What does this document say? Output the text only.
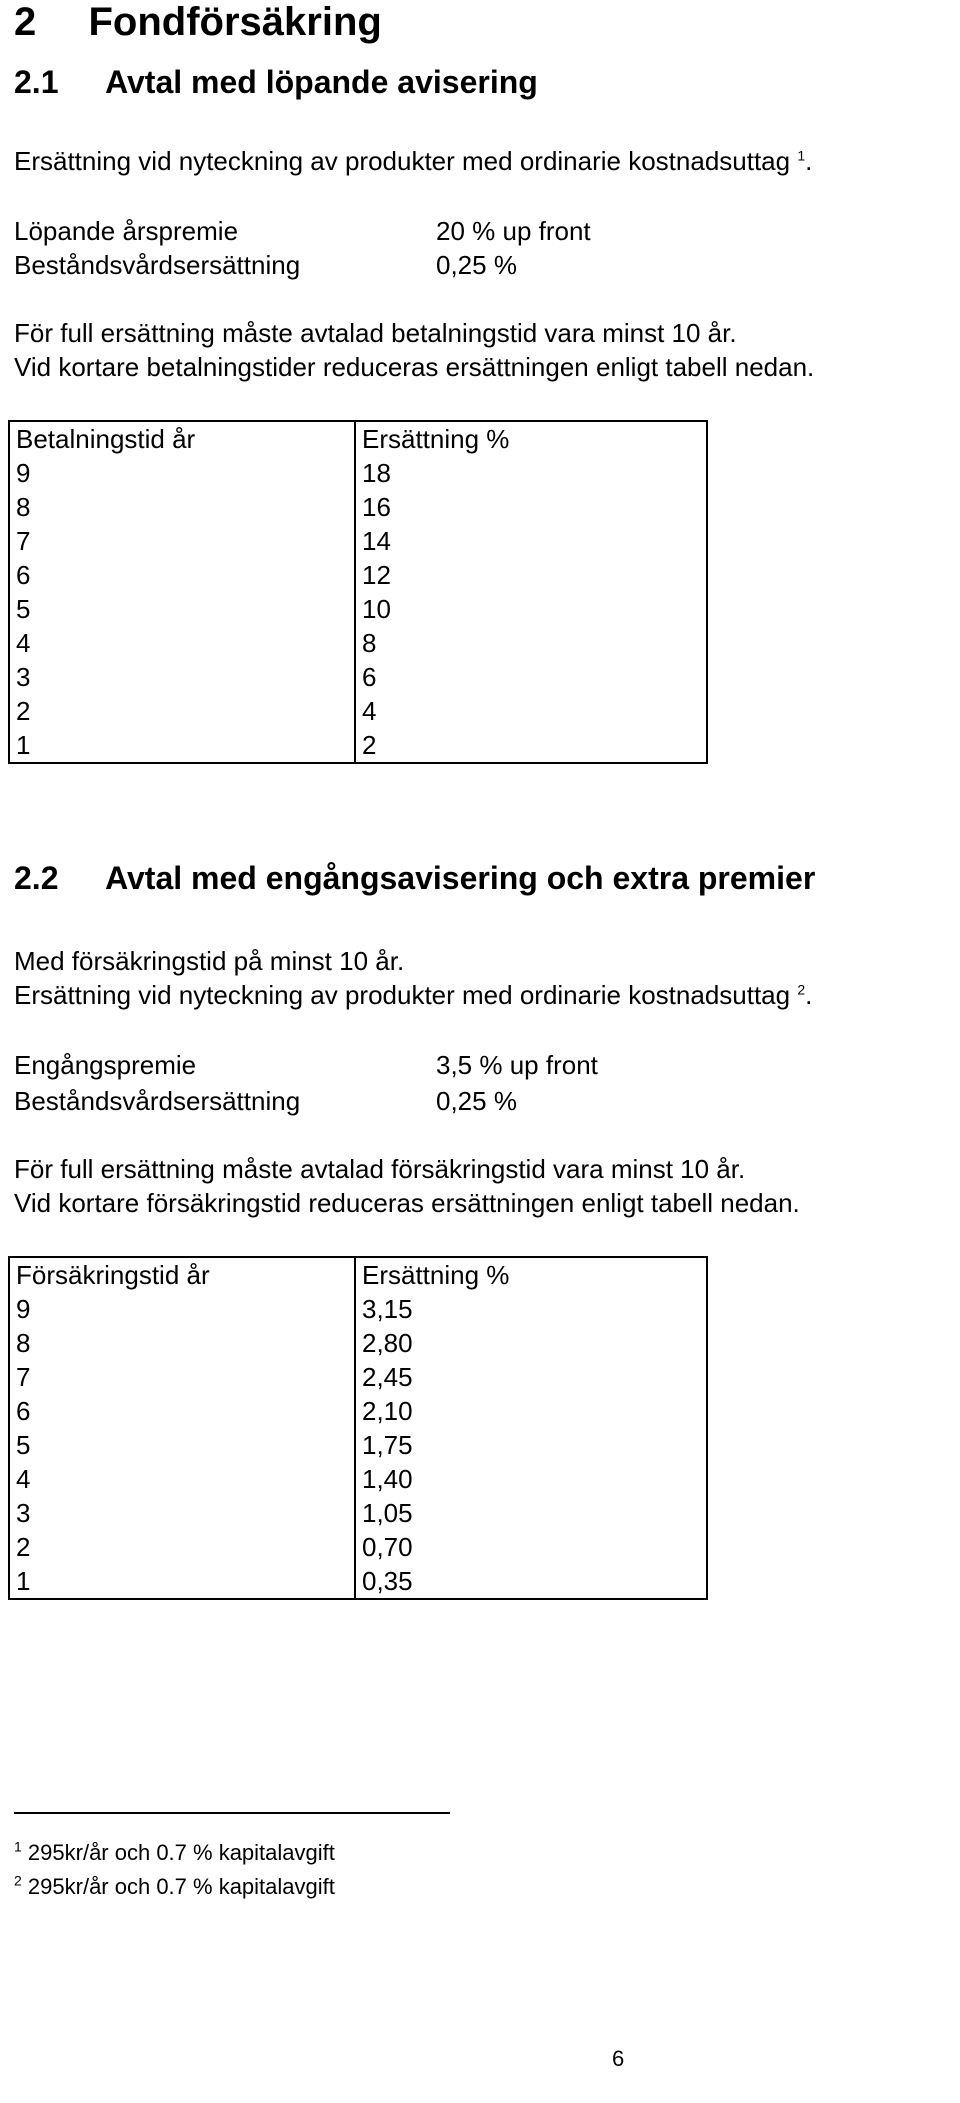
2 Fondförsäkring
2.1 Avtal med löpande avisering
Ersättning vid nyteckning av produkter med ordinarie kostnadsuttag $^1$.
Löpande årspremie	20 % up front
Beståndsvårdsersättning	0,25 %
För full ersättning måste avtalad betalningstid vara minst 10 år.
Vid kortare betalningstider reduceras ersättningen enligt tabell nedan.
Betalningstid år	Ersättning %
9	18
8	16
7	14
6	12
5	10
4	8
3	6
2	4
1	2
2.2 Avtal med engångsavisering och extra premier
Med försäkringstid på minst 10 år.
Ersättning vid nyteckning av produkter med ordinarie kostnadsuttag $^2$.
Engångspremie	3,5 % up front
Beståndsvårdsersättning	0,25 %
För full ersättning måste avtalad försäkringstid vara minst 10 år.
Vid kortare försäkringstid reduceras ersättningen enligt tabell nedan.
Försäkringstid år	Ersättning %
9	3,15
8	2,80
7	2,45
6	2,10
5	1,75
4	1,40
3	1,05
2	0,70
1	0,35
$^1$ 295kr/år och 0.7 % kapitalavgift
$^2$ 295kr/år och 0.7 % kapitalavgift
6
